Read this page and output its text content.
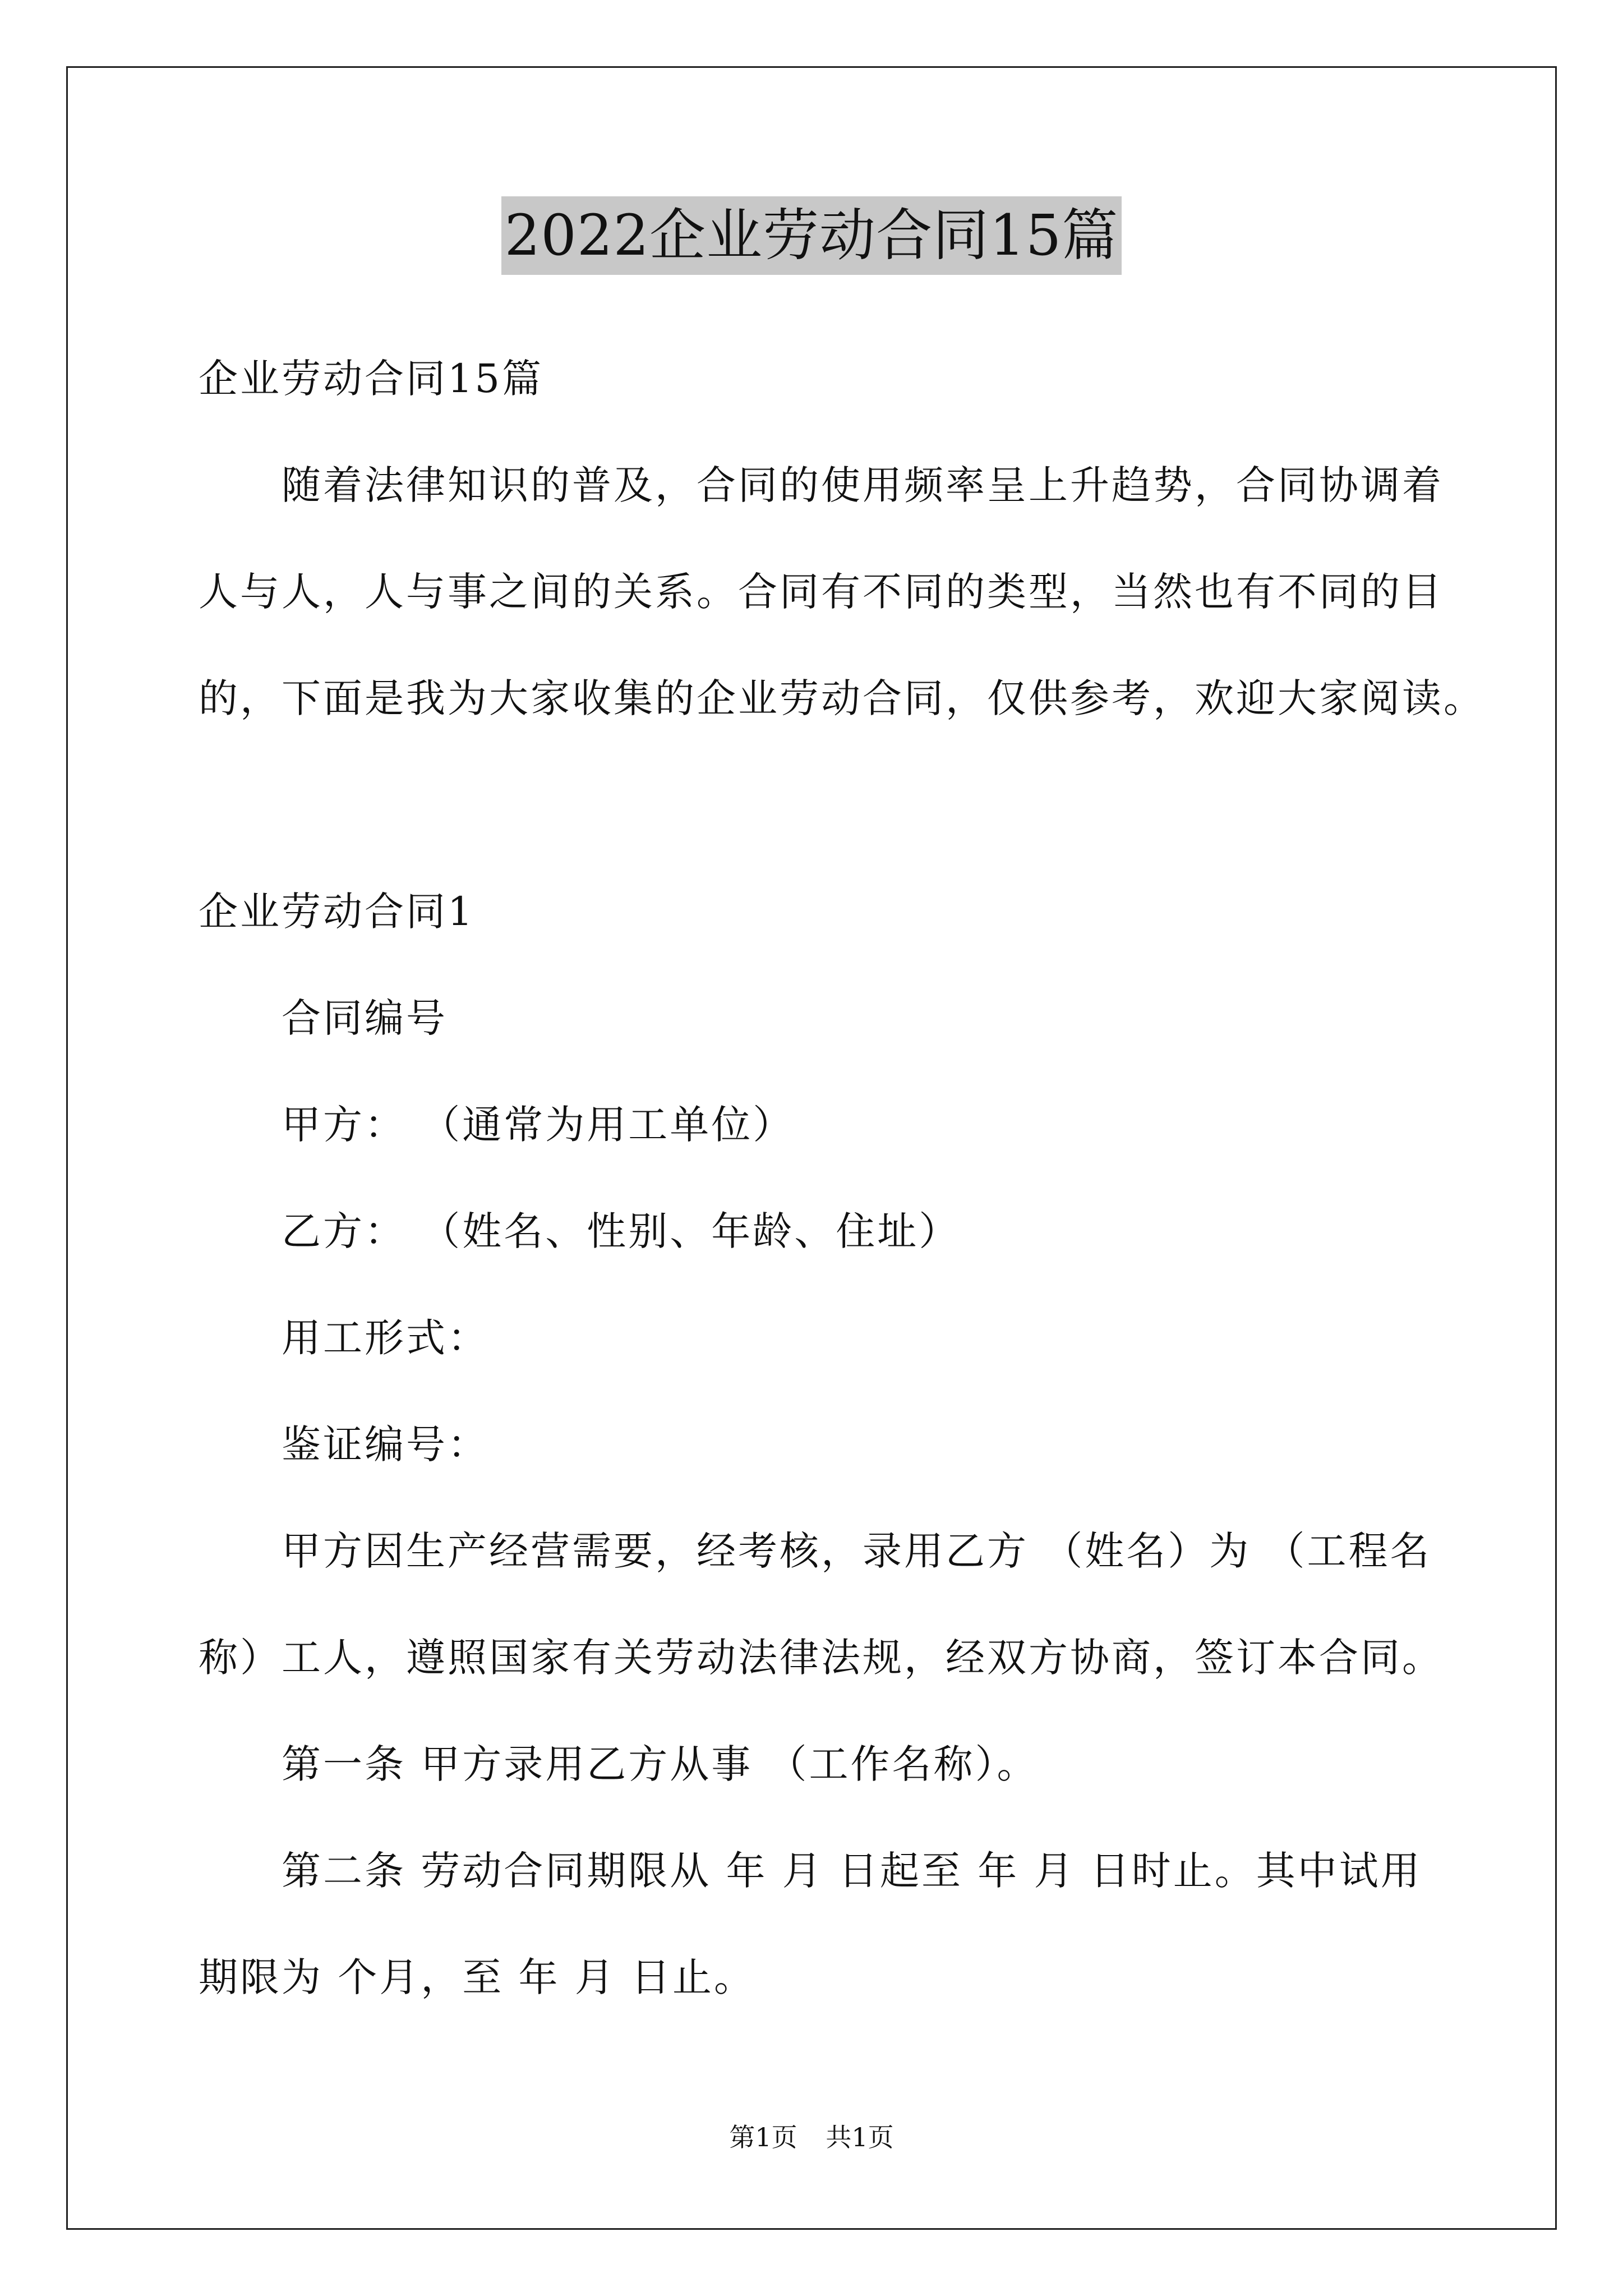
2022企业劳动合同15篇
企业劳动合同15篇
随着法律知识的普及，合同的使用频率呈上升趋势，合同协调着
人与人，人与事之间的关系。合同有不同的类型，当然也有不同的目
的，下面是我为大家收集的企业劳动合同，仅供参考，欢迎大家阅读。
企业劳动合同1
合同编号
甲方： （通常为用工单位）
乙方： （姓名、性别、年龄、住址）
用工形式：
鉴证编号：
甲方因生产经营需要，经考核，录用乙方 （姓名）为 （工程名
称）工人，遵照国家有关劳动法律法规，经双方协商，签订本合同。
第一条 甲方录用乙方从事 （工作名称）。
第二条 劳动合同期限从 年 月 日起至 年 月 日时止。其中试用
期限为 个月，至 年 月 日止。
第1页 共1页
